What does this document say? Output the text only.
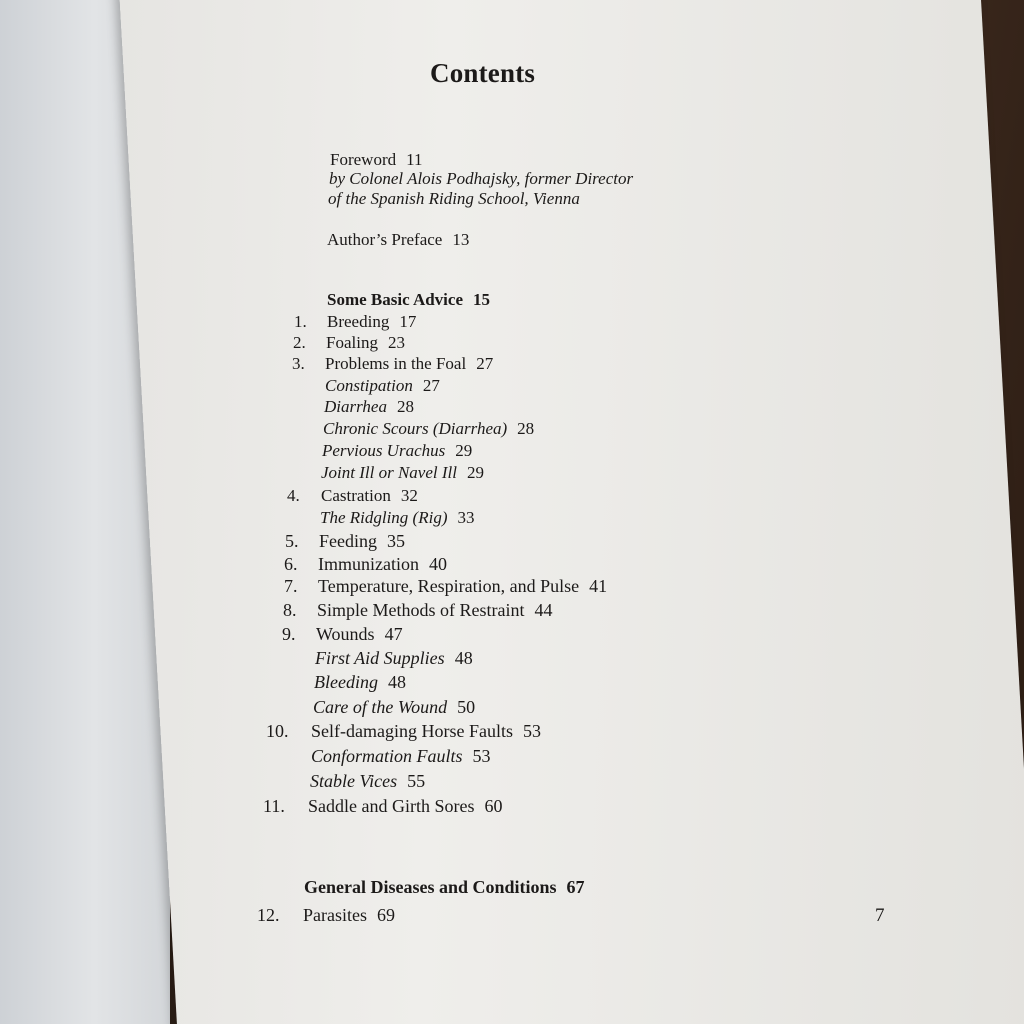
Contents
Foreword 11
by Colonel Alois Podhajsky, former Director
of the Spanish Riding School, Vienna
Author’s Preface 13
Some Basic Advice 15
1. Breeding 17
2. Foaling 23
3. Problems in the Foal 27
Constipation 27
Diarrhea 28
Chronic Scours (Diarrhea) 28
Pervious Urachus 29
Joint Ill or Navel Ill 29
4. Castration 32
The Ridgling (Rig) 33
5. Feeding 35
6. Immunization 40
7. Temperature, Respiration, and Pulse 41
8. Simple Methods of Restraint 44
9. Wounds 47
First Aid Supplies 48
Bleeding 48
Care of the Wound 50
10. Self-damaging Horse Faults 53
Conformation Faults 53
Stable Vices 55
11. Saddle and Girth Sores 60
General Diseases and Conditions 67
12. Parasites 69	7
